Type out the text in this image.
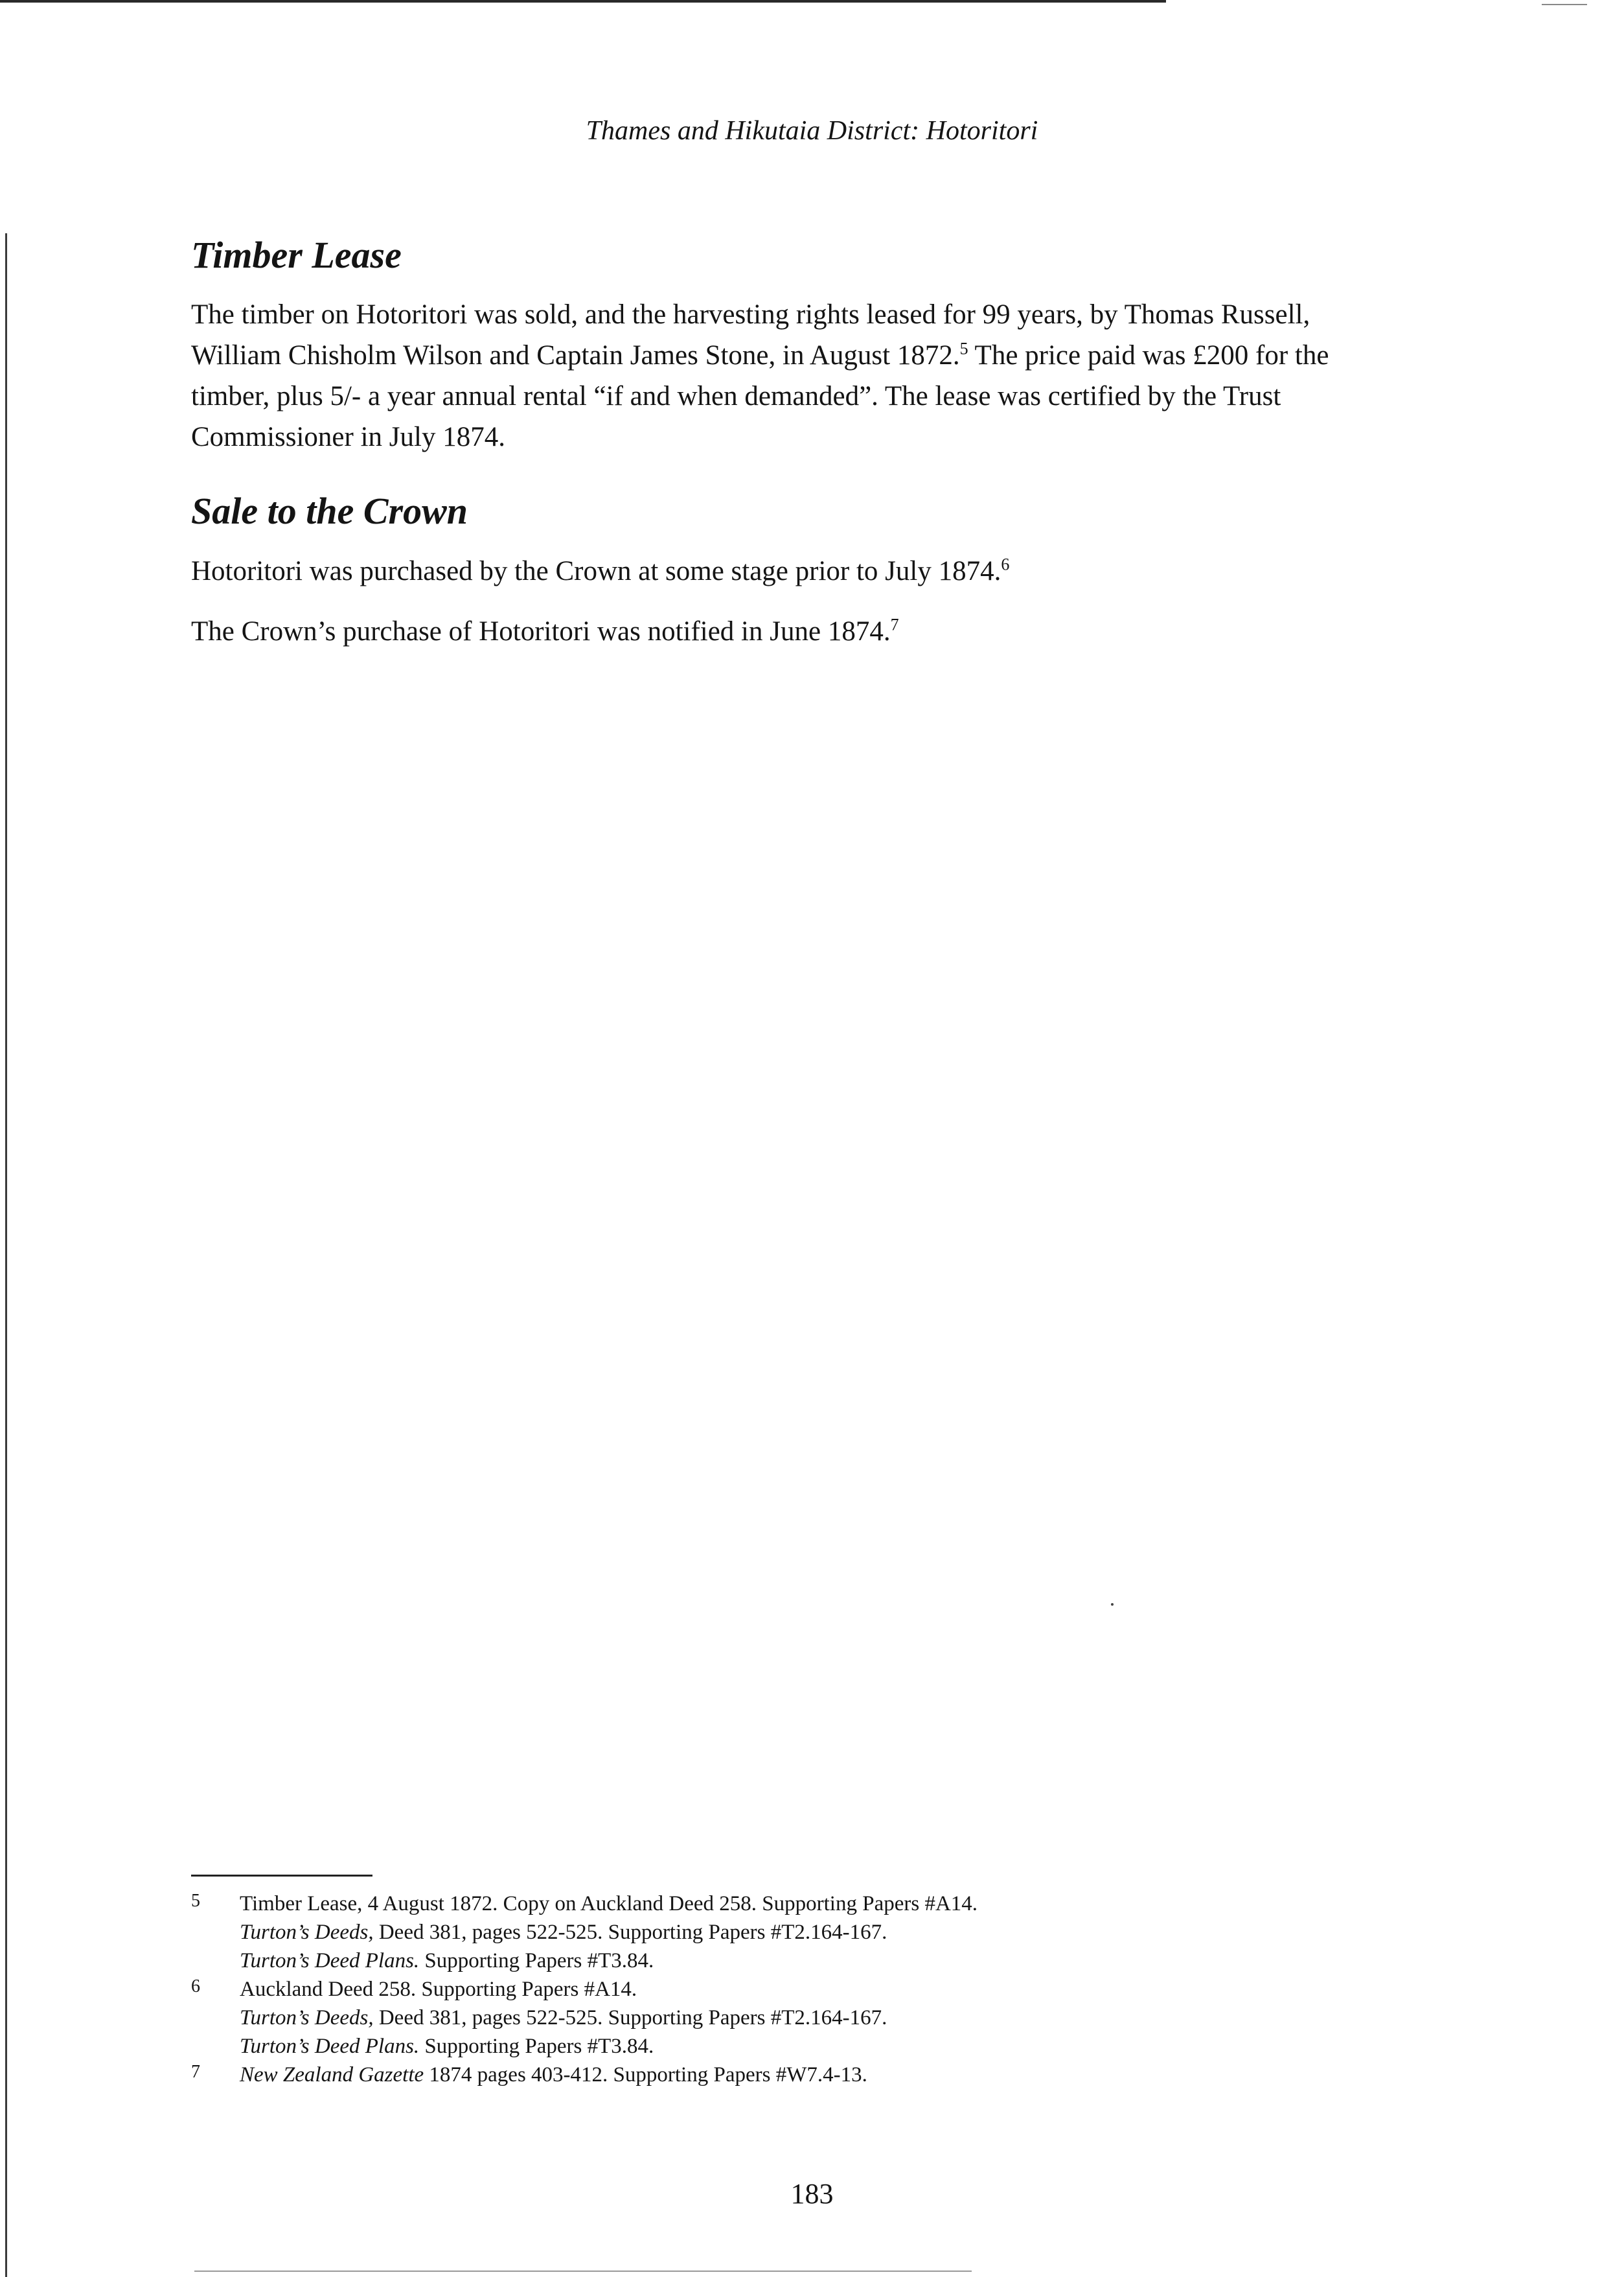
Thames and Hikutaia District: Hotoritori
Timber Lease

The timber on Hotoritori was sold, and the harvesting rights leased for 99 years, by Thomas Russell, William Chisholm Wilson and Captain James Stone, in August 1872.$^5$ The price paid was £200 for the timber, plus 5/- a year annual rental “if and when demanded”. The lease was certified by the Trust Commissioner in July 1874.

Sale to the Crown

Hotoritori was purchased by the Crown at some stage prior to July 1874.$^6$

The Crown’s purchase of Hotoritori was notified in June 1874.$^7$

5	Timber Lease, 4 August 1872. Copy on Auckland Deed 258. Supporting Papers #A14.
Turton’s Deeds, Deed 381, pages 522-525. Supporting Papers #T2.164-167.
Turton’s Deed Plans. Supporting Papers #T3.84.
6	Auckland Deed 258. Supporting Papers #A14.
Turton’s Deeds, Deed 381, pages 522-525. Supporting Papers #T2.164-167.
Turton’s Deed Plans. Supporting Papers #T3.84.
7	New Zealand Gazette 1874 pages 403-412. Supporting Papers #W7.4-13.
183
